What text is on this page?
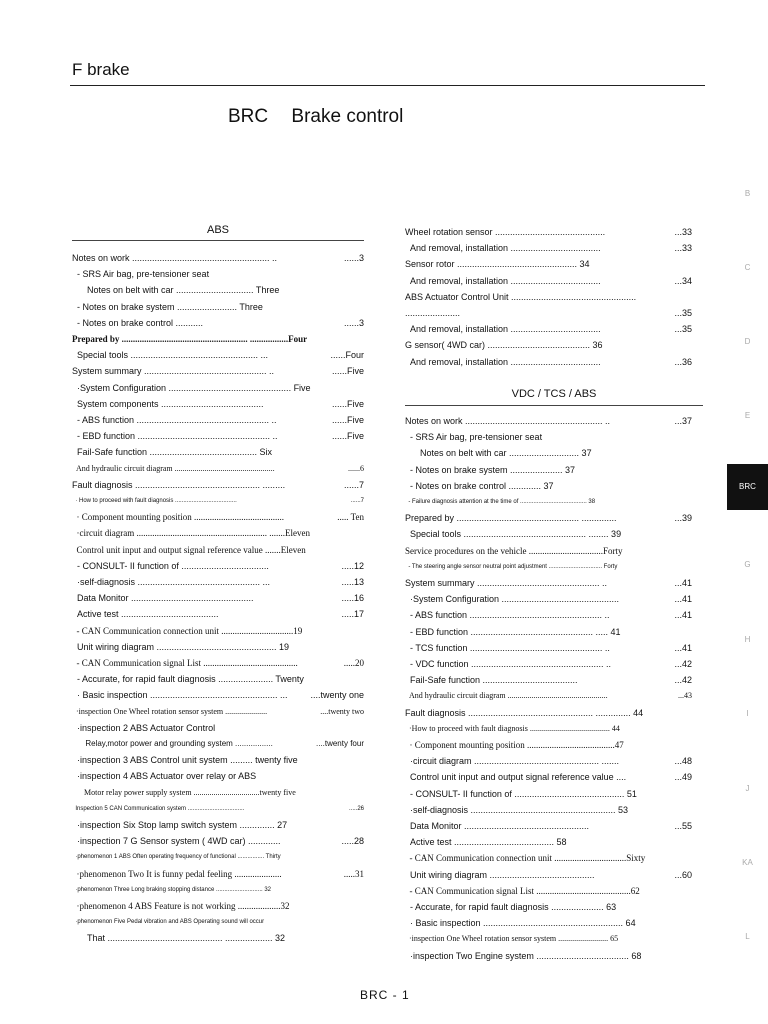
F brake
BRC Brake control
ABS
Notes on work ....................................................... ..	......3
- SRS Air bag, pre-tensioner seat
Notes on belt with car ............................... Three
- Notes on brake system ........................ Three
- Notes on brake control ...........	......3
Prepared by ........................................................ .................Four
Special tools ................................................... ...	......Four
System summary ................................................. ..	......Five
·System Configuration ................................................. Five
System components .........................................	......Five
- ABS function ..................................................... ..	......Five
- EBD function ..................................................... ..	......Five
Fail-Safe function ........................................... Six
And hydraulic circuit diagram ..................................................	......6
Fault diagnosis .................................................. .........	......7
· How to proceed with fault diagnosis .....................................	......7
· Component mounting position ........................................	..... Ten
·circuit diagram .......................................................... .......Eleven
Control unit input and output signal reference value .......Eleven
- CONSULT- II function of ...................................	.....12
·self-diagnosis ................................................. ...	.....13
Data Monitor .................................................	.....16
Active test .......................................	.....17
- CAN Communication connection unit ................................19
Unit wiring diagram ................................................ 19
- CAN Communication signal List ..........................................	.....20
- Accurate, for rapid fault diagnosis ...................... Twenty
· Basic inspection ................................................... ...	....twenty one
·inspection One Wheel rotation sensor system .....................	....twenty two
·inspection 2 ABS Actuator Control
Relay,motor power and grounding system .................	....twenty four
·inspection 3 ABS Control unit system ......... twenty five
·inspection 4 ABS Actuator over relay or ABS
Motor relay power supply system .................................twenty five
Inspection 5 CAN Communication system ..................................	.....26
·inspection Six Stop lamp switch system .............. 27
·inspection 7 G Sensor system ( 4WD car) .............	.....28
·phenomenon 1 ABS Often operating frequency of functional ................ Thirty
·phenomenon Two It is funny pedal feeling .....................	.....31
·phenomenon Three Long braking stopping distance ............................ 32
·phenomenon 4 ABS Feature is not working ...................32
·phenomenon Five Pedal vibration and ABS Operating sound will occur
That .............................................. ................... 32
Wheel rotation sensor ............................................	...33
And removal, installation ....................................	...33
Sensor rotor ................................................ 34
And removal, installation ....................................	...34
ABS Actuator Control Unit ..................................................
......................	...35
And removal, installation ....................................	...35
G sensor( 4WD car) ......................................... 36
And removal, installation ....................................	...36
VDC / TCS / ABS
Notes on work ....................................................... ..	...37
- SRS Air bag, pre-tensioner seat
Notes on belt with car ............................ 37
- Notes on brake system ..................... 37
- Notes on brake control ............. 37
- Failure diagnosis attention at the time of ........................................ 38
Prepared by ................................................. ..............	...39
Special tools ................................................. ........ 39
Service procedures on the vehicle .................................Forty
- The steering angle sensor neutral point adjustment ................................ Forty
System summary ................................................. ..	...41
·System Configuration ...............................................	...41
- ABS function ..................................................... ..	...41
- EBD function ................................................. ..... 41
- TCS function ..................................................... ..	...41
- VDC function ..................................................... ..	...42
Fail-Safe function ......................................	...42
And hydraulic circuit diagram ..................................................	...43
Fault diagnosis .................................................. .............. 44
·How to proceed with fault diagnosis ........................................ 44
· Component mounting position .......................................47
·circuit diagram .................................................. .......	...48
Control unit input and output signal reference value ....	...49
- CONSULT- II function of ............................................ 51
·self-diagnosis .......................................................... 53
Data Monitor ..................................................	...55
Active test ........................................ 58
- CAN Communication connection unit ................................Sixty
Unit wiring diagram ..........................................	...60
- CAN Communication signal List ..........................................62
- Accurate, for rapid fault diagnosis ..................... 63
· Basic inspection ........................................................ 64
·inspection One Wheel rotation sensor system ......................... 65
·inspection Two Engine system ..................................... 68
B
C
D
E
BRC
G
H
I
J
KA
L
BRC - 1
